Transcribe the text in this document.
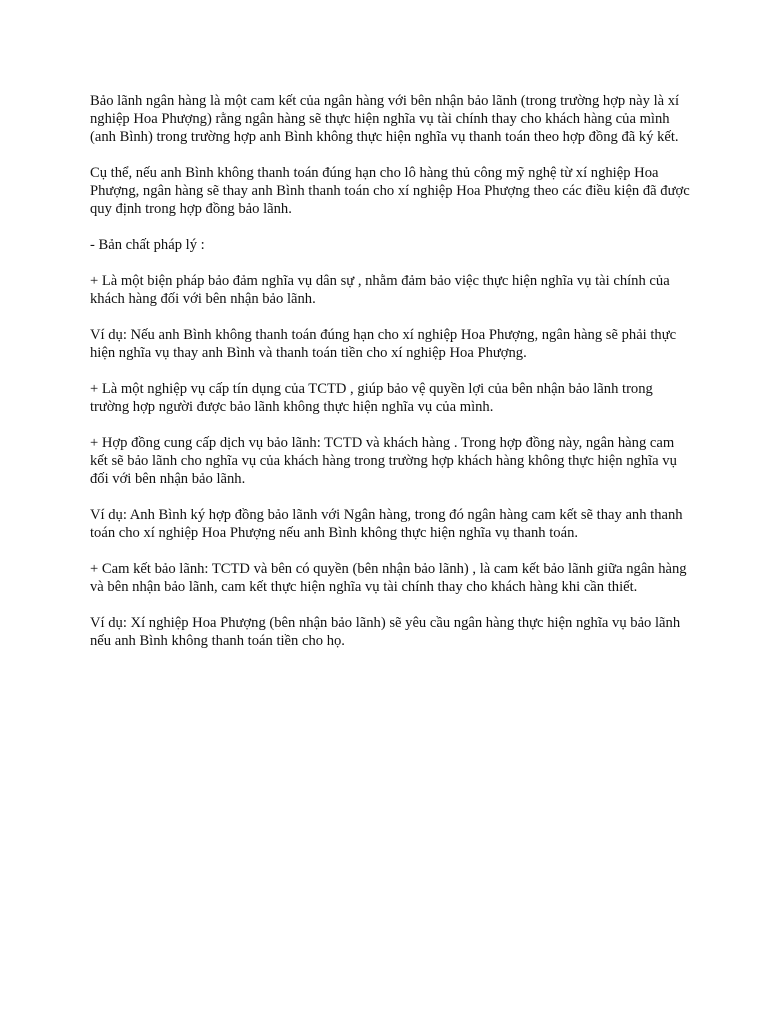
Bảo lãnh ngân hàng là một cam kết của ngân hàng với bên nhận bảo lãnh (trong trường hợp này là xí nghiệp Hoa Phượng) rằng ngân hàng sẽ thực hiện nghĩa vụ tài chính thay cho khách hàng của mình (anh Bình) trong trường hợp anh Bình không thực hiện nghĩa vụ thanh toán theo hợp đồng đã ký kết.

Cụ thể, nếu anh Bình không thanh toán đúng hạn cho lô hàng thủ công mỹ nghệ từ xí nghiệp Hoa Phượng, ngân hàng sẽ thay anh Bình thanh toán cho xí nghiệp Hoa Phượng theo các điều kiện đã được quy định trong hợp đồng bảo lãnh.

- Bản chất pháp lý :

+ Là một biện pháp bảo đảm nghĩa vụ dân sự , nhằm đảm bảo việc thực hiện nghĩa vụ tài chính của khách hàng đối với bên nhận bảo lãnh.

Ví dụ: Nếu anh Bình không thanh toán đúng hạn cho xí nghiệp Hoa Phượng, ngân hàng sẽ phải thực hiện nghĩa vụ thay anh Bình và thanh toán tiền cho xí nghiệp Hoa Phượng.

+ Là một nghiệp vụ cấp tín dụng của TCTD , giúp bảo vệ quyền lợi của bên nhận bảo lãnh trong trường hợp người được bảo lãnh không thực hiện nghĩa vụ của mình.

+ Hợp đồng cung cấp dịch vụ bảo lãnh: TCTD và khách hàng . Trong hợp đồng này, ngân hàng cam kết sẽ bảo lãnh cho nghĩa vụ của khách hàng trong trường hợp khách hàng không thực hiện nghĩa vụ đối với bên nhận bảo lãnh.

Ví dụ: Anh Bình ký hợp đồng bảo lãnh với Ngân hàng, trong đó ngân hàng cam kết sẽ thay anh thanh toán cho xí nghiệp Hoa Phượng nếu anh Bình không thực hiện nghĩa vụ thanh toán.

+ Cam kết bảo lãnh: TCTD và bên có quyền (bên nhận bảo lãnh) , là cam kết bảo lãnh giữa ngân hàng và bên nhận bảo lãnh, cam kết thực hiện nghĩa vụ tài chính thay cho khách hàng khi cần thiết.

Ví dụ: Xí nghiệp Hoa Phượng (bên nhận bảo lãnh) sẽ yêu cầu ngân hàng thực hiện nghĩa vụ bảo lãnh nếu anh Bình không thanh toán tiền cho họ.
